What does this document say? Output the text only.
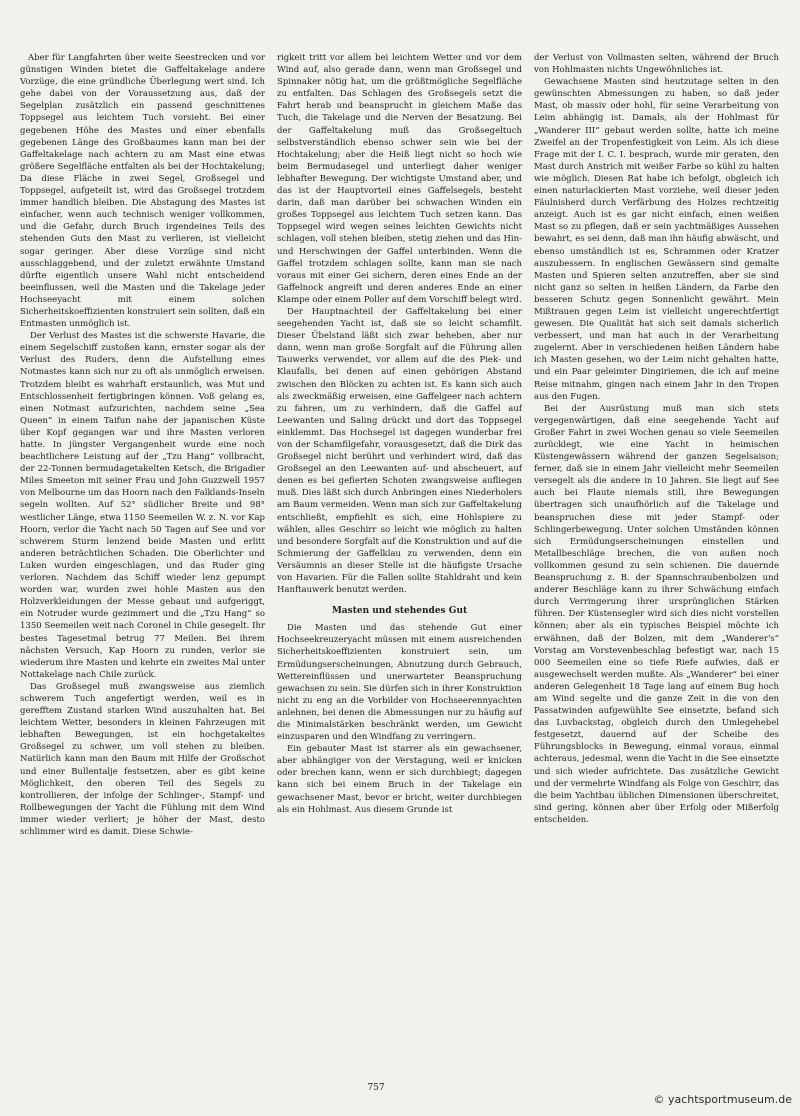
Aber für Langfahrten über weite Seestrecken und vor günstigen Winden bietet die Gaffeltakelage andere Vorzüge, die eine gründliche Überlegung wert sind. Ich gehe dabei von der Voraussetzung aus, daß der Segelplan zusätzlich ein passend geschnittenes Toppsegel aus leichtem Tuch vorsieht. Bei einer gegebenen Höhe des Mastes und einer ebenfalls gegebenen Länge des Großbaumes kann man bei der Gaffeltakelage nach achtern zu am Mast eine etwas größere Segelfläche entfalten als bei der Hochtakelung; Da diese Fläche in zwei Segel, Großsegel und Toppsegel, aufgeteilt ist, wird das Großsegel trotzdem immer handlich bleiben. Die Abstagung des Mastes ist einfacher, wenn auch technisch weniger vollkommen, und die Gefahr, durch Bruch irgendeines Teils des stehenden Guts den Mast zu verlieren, ist vielleicht sogar geringer. Aber diese Vorzüge sind nicht ausschlaggebend, und der zuletzt erwähnte Umstand dürfte eigentlich unsere Wahl nicht entscheidend beeinflussen, weil die Masten und die Takelage jeder Hochseeyacht mit einem solchen Sicherheitskoeffizienten konstruiert sein sollten, daß ein Entmasten unmöglich ist.

Der Verlust des Mastes ist die schwerste Havarie, die einem Segelschiff zustoßen kann, ernster sogar als der Verlust des Ruders, denn die Aufstellung eines Notmastes kann sich nur zu oft als unmöglich erweisen. Trotzdem bleibt es wahrhaft erstaunlich, was Mut und Entschlossenheit fertigbringen können. Voß gelang es, einen Notmast aufzurichten, nachdem seine „Sea Queen“ in einem Taifun nahe der japanischen Küste über Kopf gegangen war und ihre Masten verloren hatte. In jüngster Vergangenheit wurde eine noch beachtlichere Leistung auf der „Tzu Hang“ vollbracht, der 22-Tonnen bermudagetakelten Ketsch, die Brigadier Miles Smeeton mit seiner Frau und John Guzzwell 1957 von Melbourne um das Hoorn nach den Falklands-Inseln segeln wollten. Auf 52° südlicher Breite und 98° westlicher Länge, etwa 1150 Seemeilen W. z. N. vor Kap Hoorn, verlor die Yacht nach 50 Tagen auf See und vor schwerem Sturm lenzend beide Masten und erlitt anderen beträchtlichen Schaden. Die Oberlichter und Luken wurden eingeschlagen, und das Ruder ging verloren. Nachdem das Schiff wieder lenz gepumpt worden war, wurden zwei hohle Masten aus den Holzverkleidungen der Messe gebaut und aufgeriggt, ein Notruder wurde gezimmert und die „Tzu Hang“ so 1350 Seemeilen weit nach Coronel in Chile gesegelt. Ihr bestes Tagesetmal betrug 77 Meilen. Bei ihrem nächsten Versuch, Kap Hoorn zu runden, verlor sie wiederum ihre Masten und kehrte ein zweites Mal unter Nottakelage nach Chile zurück.

Das Großsegel muß zwangsweise aus ziemlich schwerem Tuch angefertigt werden, weil es in gerefftem Zustand starken Wind auszuhalten hat. Bei leichtem Wetter, besonders in kleinen Fahrzeugen mit lebhaften Bewegungen, ist ein hochgetakeltes Großsegel zu schwer, um voll stehen zu bleiben. Natürlich kann man den Baum mit Hilfe der Großschot und einer Bullentalje festsetzen, aber es gibt keine Möglichkeit, den oberen Teil des Segels zu kontrollieren, der infolge der Schlinger-, Stampf- und Rollbewegungen der Yacht die Fühlung mit dem Wind immer wieder verliert; je höher der Mast, desto schlimmer wird es damit. Diese Schwie-

rigkeit tritt vor allem bei leichtem Wetter und vor dem Wind auf, also gerade dann, wenn man Großsegel und Spinnaker nötig hat, um die größtmögliche Segelfläche zu entfalten. Das Schlagen des Großsegels setzt die Fahrt herab und beansprucht in gleichem Maße das Tuch, die Takelage und die Nerven der Besatzung. Bei der Gaffeltakelung muß das Großsegeltuch selbstverständlich ebenso schwer sein wie bei der Hochtakelung; aber die Heiß liegt nicht so hoch wie beim Bermudasegel und unterliegt daher weniger lebhafter Bewegung. Der wichtigste Umstand aber, und das ist der Hauptvorteil eines Gaffelsegels, besteht darin, daß man darüber bei schwachen Winden ein großes Toppsegel aus leichtem Tuch setzen kann. Das Toppsegel wird wegen seines leichten Gewichts nicht schlagen, voll stehen bleiben, stetig ziehen und das Hin- und Herschwingen der Gaffel unterbinden. Wenn die Gaffel trotzdem schlagen sollte, kann man sie nach voraus mit einer Gei sichern, deren eines Ende an der Gaffelnock angreift und deren anderes Ende an einer Klampe oder einem Poller auf dem Vorschiff belegt wird.

Der Hauptnachteil der Gaffeltakelung bei einer seegehenden Yacht ist, daß sie so leicht schamfilt. Dieser Übelstand läßt sich zwar beheben, aber nur dann, wenn man große Sorgfalt auf die Führung allen Tauwerks verwendet, vor allem auf die des Piek- und Klaufalls, bei denen auf einen gehörigen Abstand zwischen den Blöcken zu achten ist. Es kann sich auch als zweckmäßig erweisen, eine Gaffelgeer nach achtern zu fahren, um zu verhindern, daß die Gaffel auf Leewanten und Saling drückt und dort das Toppsegel einklemmt. Das Hochsegel ist dagegen wunderbar frei von der Schamfilgefahr, vorausgesetzt, daß die Dirk das Großsegel nicht berührt und verhindert wird, daß das Großsegel an den Leewanten auf- und abscheuert, auf denen es bei gefierten Schoten zwangsweise aufliegen muß. Dies läßt sich durch Anbringen eines Niederholers am Baum vermeiden. Wenn man sich zur Gaffeltakelung entschließt, empfiehlt es sich, eine Hohlspiere zu wählen, alles Geschirr so leicht wie möglich zu halten und besondere Sorgfalt auf die Konstruktion und auf die Schmierung der Gaffelklau zu verwenden, denn ein Versäumnis an dieser Stelle ist die häufigste Ursache von Havarien. Für die Fallen sollte Stahldraht und kein Hanftauwerk benutzt werden.

Masten und stehendes Gut

Die Masten und das stehende Gut einer Hochseekreuzeryacht müssen mit einem ausreichenden Sicherheitskoeffizienten konstruiert sein, um Ermüdungserscheinungen, Abnutzung durch Gebrauch, Wettereinflüssen und unerwarteter Beanspruchung gewachsen zu sein. Sie dürfen sich in ihrer Konstruktion nicht zu eng an die Vorbilder von Hochseerennyachten anlehnen, bei denen die Abmessungen nur zu häufig auf die Minimalstärken beschränkt werden, um Gewicht einzusparen und den Windfang zu verringern.

Ein gebauter Mast ist starrer als ein gewachsener, aber abhängiger von der Verstagung, weil er knicken oder brechen kann, wenn er sich durchbiegt; dagegen kann sich bei einem Bruch in der Takelage ein gewachsener Mast, bevor er bricht, weiter durchbiegen als ein Hohlmast. Aus diesem Grunde ist

der Verlust von Vollmasten selten, während der Bruch von Hohlmasten nichts Ungewöhnliches ist.

Gewachsene Masten sind heutzutage selten in den gewünschten Abmessungen zu haben, so daß jeder Mast, ob massiv oder hohl, für seine Verarbeitung von Leim abhängig ist. Damals, als der Hohlmast für „Wanderer III“ gebaut werden sollte, hatte ich meine Zweifel an der Tropenfestigkeit von Leim. Als ich diese Frage mit der I. C. I. besprach, wurde mir geraten, den Mast durch Anstrich mit weißer Farbe so kühl zu halten wie möglich. Diesen Rat habe ich befolgt, obgleich ich einen naturlackierten Mast vorziehe, weil dieser jeden Fäulnisherd durch Verfärbung des Holzes rechtzeitig anzeigt. Auch ist es gar nicht einfach, einen weißen Mast so zu pflegen, daß er sein yachtmäßiges Aussehen bewahrt, es sei denn, daß man ihn häufig abwäscht, und ebenso umständlich ist es, Schrammen oder Kratzer auszubessern. In englischen Gewässern sind gemalte Masten und Spieren selten anzutreffen, aber sie sind nicht ganz so selten in heißen Ländern, da Farbe den besseren Schutz gegen Sonnenlicht gewährt. Mein Mißtrauen gegen Leim ist vielleicht ungerechtfertigt gewesen. Die Qualität hat sich seit damals sicherlich verbessert, und man hat auch in der Verarbeitung zugelernt. Aber in verschiedenen heißen Ländern habe ich Masten gesehen, wo der Leim nicht gehalten hatte, und ein Paar geleimter Dingiriemen, die ich auf meine Reise mitnahm, gingen nach einem Jahr in den Tropen aus den Fugen.

Bei der Ausrüstung muß man sich stets vergegenwärtigen, daß eine seegehende Yacht auf Großer Fahrt in zwei Wochen genau so viele Seemeilen zurücklegt, wie eine Yacht in heimischen Küstengewässern während der ganzen Segelsaison; ferner, daß sie in einem Jahr vielleicht mehr Seemeilen versegelt als die andere in 10 Jahren. Sie liegt auf See auch bei Flaute niemals still, ihre Bewegungen übertragen sich unaufhörlich auf die Takelage und beanspruchen diese mit jeder Stampf- oder Schlingerbewegung. Unter solchen Umständen können sich Ermüdungserscheinungen einstellen und Metallbeschläge brechen, die von außen noch vollkommen gesund zu sein schienen. Die dauernde Beanspruchung z. B. der Spannschraubenbolzen und anderer Beschläge kann zu ihrer Schwächung einfach durch Verringerung ihrer ursprünglichen Stärken führen. Der Küstensegler wird sich dies nicht vorstellen können; aber als ein typisches Beispiel möchte ich erwähnen, daß der Bolzen, mit dem „Wanderer's“ Vorstag am Vorstevenbeschlag befestigt war, nach 15 000 Seemeilen eine so tiefe Riefe aufwies, daß er ausgewechselt werden mußte. Als „Wanderer“ bei einer anderen Gelegenheit 18 Tage lang auf einem Bug hoch am Wind segelte und die ganze Zeit in die von den Passatwinden aufgewühlte See einsetzte, befand sich das Luvbackstag, obgleich durch den Umlegehebel festgesetzt, dauernd auf der Scheibe des Führungsblocks in Bewegung, einmal voraus, einmal achteraus, jedesmal, wenn die Yacht in die See einsetzte und sich wieder aufrichtete. Das zusätzliche Gewicht und der vermehrte Windfang als Folge von Geschirr, das die beim Yachtbau üblichen Dimensionen überschreitet, sind gering, können aber über Erfolg oder Mißerfolg entscheiden.

757
© yachtsportmuseum.de
